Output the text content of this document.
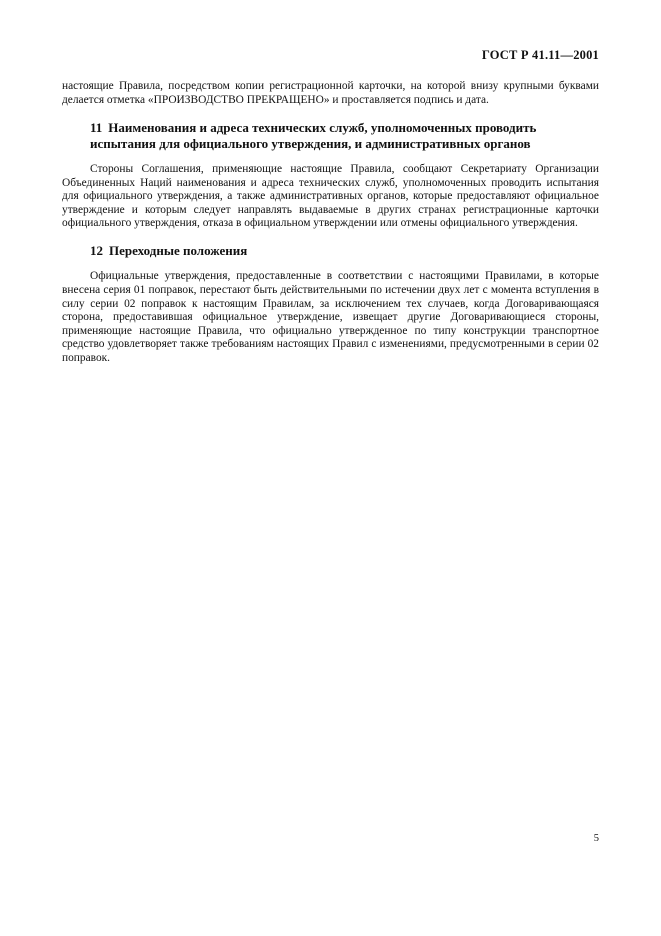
ГОСТ Р 41.11—2001

настоящие Правила, посредством копии регистрационной карточки, на которой внизу крупными буквами делается отметка «ПРОИЗВОДСТВО ПРЕКРАЩЕНО» и проставляется подпись и дата.

11 Наименования и адреса технических служб, уполномоченных проводить испытания для официального утверждения, и административных органов

Стороны Соглашения, применяющие настоящие Правила, сообщают Секретариату Организации Объединенных Наций наименования и адреса технических служб, уполномоченных проводить испытания для официального утверждения, а также административных органов, которые предоставляют официальное утверждение и которым следует направлять выдаваемые в других странах регистрационные карточки официального утверждения, отказа в официальном утверждении или отмены официального утверждения.

12 Переходные положения

Официальные утверждения, предоставленные в соответствии с настоящими Правилами, в которые внесена серия 01 поправок, перестают быть действительными по истечении двух лет с момента вступления в силу серии 02 поправок к настоящим Правилам, за исключением тех случаев, когда Договаривающаяся сторона, предоставившая официальное утверждение, извещает другие Договаривающиеся стороны, применяющие настоящие Правила, что официально утвержденное по типу конструкции транспортное средство удовлетворяет также требованиям настоящих Правил с изменениями, предусмотренными в серии 02 поправок.

5
